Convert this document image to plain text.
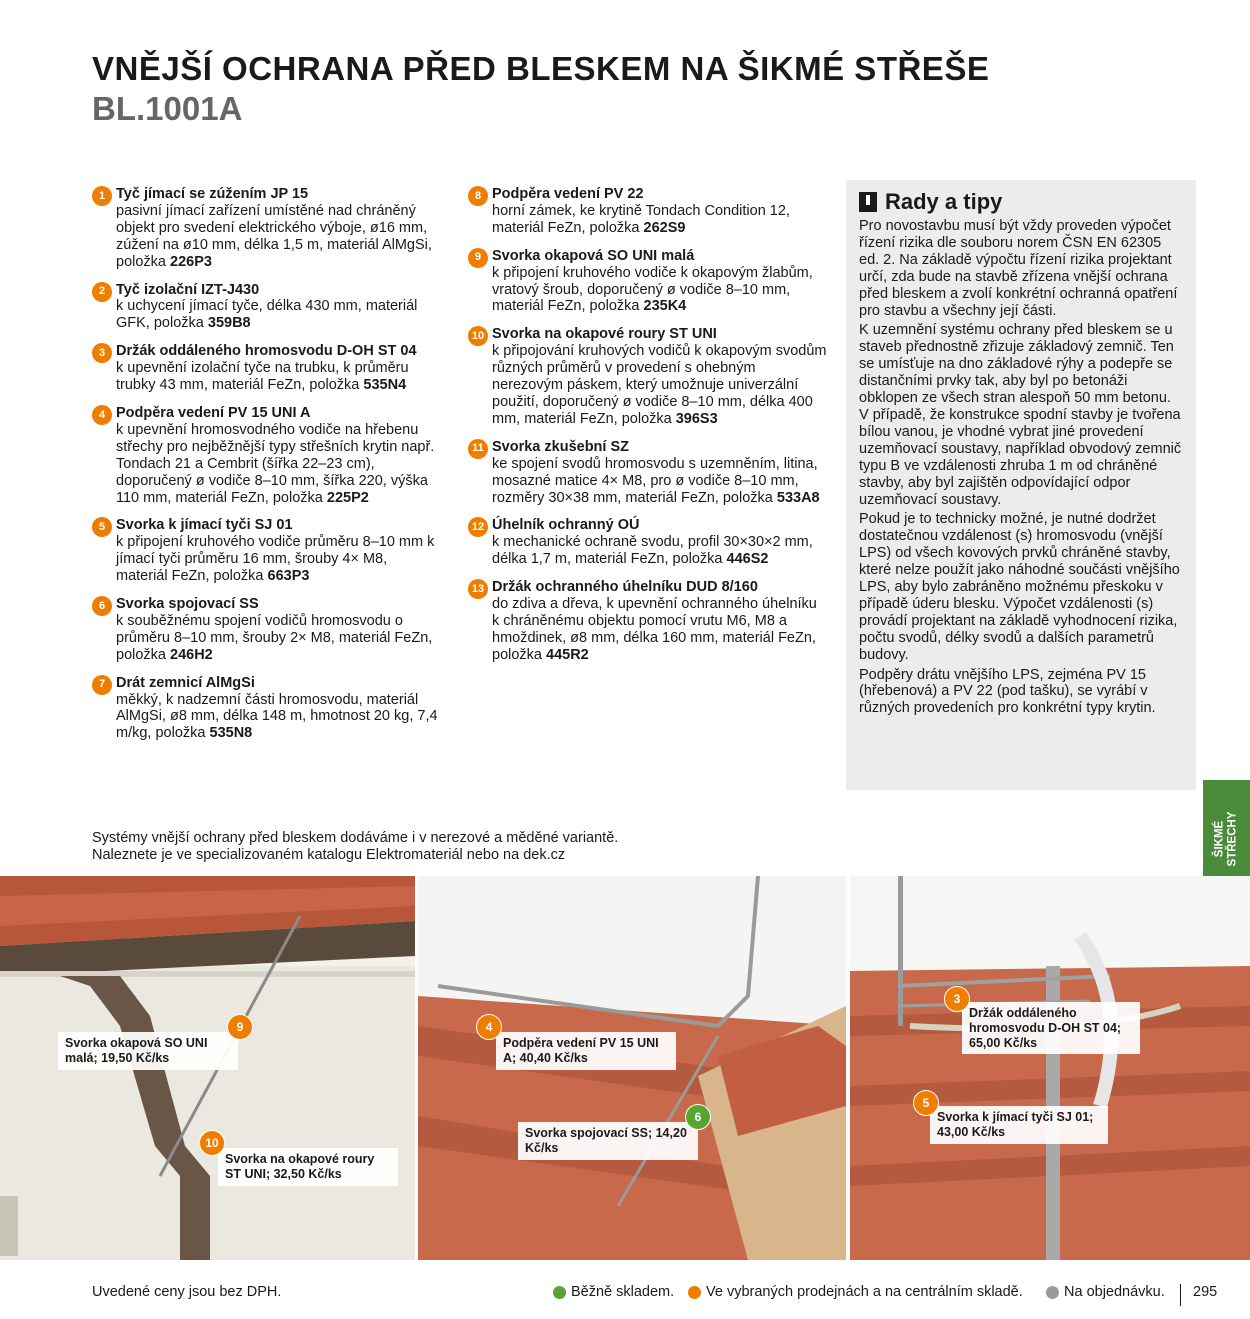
VNĚJŠÍ OCHRANA PŘED BLESKEM NA ŠIKMÉ STŘEŠE
BL.1001A
1 Tyč jímací se zúžením JP 15
pasivní jímací zařízení umístěné nad chráněný objekt pro svedení elektrického výboje, ø16 mm, zúžení na ø10 mm, délka 1,5 m, materiál AlMgSi, položka 226P3
2 Tyč izolační IZT-J430
k uchycení jímací tyče, délka 430 mm, materiál GFK, položka 359B8
3 Držák oddáleného hromosvodu D-OH ST 04
k upevnění izolační tyče na trubku, k průměru trubky 43 mm, materiál FeZn, položka 535N4
4 Podpěra vedení PV 15 UNI A
k upevnění hromosvodného vodiče na hřebenu střechy pro nejběžnější typy střešních krytin např. Tondach 21 a Cembrit (šířka 22–23 cm), doporučený ø vodiče 8–10 mm, šířka 220, výška 110 mm, materiál FeZn, položka 225P2
5 Svorka k jímací tyči SJ 01
k připojení kruhového vodiče průměru 8–10 mm k jímací tyči průměru 16 mm, šrouby 4× M8, materiál FeZn, položka 663P3
6 Svorka spojovací SS
k souběžnému spojení vodičů hromosvodu o průměru 8–10 mm, šrouby 2× M8, materiál FeZn, položka 246H2
7 Drát zemnicí AlMgSi
měkký, k nadzemní části hromosvodu, materiál AlMgSi, ø8 mm, délka 148 m, hmotnost 20 kg, 7,4 m/kg, položka 535N8
8 Podpěra vedení PV 22
horní zámek, ke krytině Tondach Condition 12, materiál FeZn, položka 262S9
9 Svorka okapová SO UNI malá
k připojení kruhového vodiče k okapovým žlabům, vratový šroub, doporučený ø vodiče 8–10 mm, materiál FeZn, položka 235K4
10 Svorka na okapové roury ST UNI
k připojování kruhových vodičů k okapovým svodům různých průměrů v provedení s ohebným nerezovým páskem, který umožnuje univerzální použití, doporučený ø vodiče 8–10 mm, délka 400 mm, materiál FeZn, položka 396S3
11 Svorka zkušební SZ
ke spojení svodů hromosvodu s uzemněním, litina, mosazné matice 4× M8, pro ø vodiče 8–10 mm, rozměry 30×38 mm, materiál FeZn, položka 533A8
12 Úhelník ochranný OÚ
k mechanické ochraně svodu, profil 30×30×2 mm, délka 1,7 m, materiál FeZn, položka 446S2
13 Držák ochranného úhelníku DUD 8/160
do zdiva a dřeva, k upevnění ochranného úhelníku k chráněnému objektu pomocí vrutu M6, M8 a hmoždinek, ø8 mm, délka 160 mm, materiál FeZn, položka 445R2
Rady a tipy

Pro novostavbu musí být vždy proveden výpočet řízení rizika dle souboru norem ČSN EN 62305 ed. 2. Na základě výpočtu řízení rizika projektant určí, zda bude na stavbě zřízena vnější ochrana před bleskem a zvolí konkrétní ochranná opatření pro stavbu a všechny její části.

K uzemnění systému ochrany před bleskem se u staveb přednostně zřizuje základový zemnič. Ten se umísťuje na dno základové rýhy a podepře se distančními prvky tak, aby byl po betonáži obklopen ze všech stran alespoň 50 mm betonu. V případě, že konstrukce spodní stavby je tvořena bílou vanou, je vhodné vybrat jiné provedení uzemňovací soustavy, například obvodový zemnič typu B ve vzdálenosti zhruba 1 m od chráněné stavby, aby byl zajištěn odpovídající odpor uzemňovací soustavy.

Pokud je to technicky možné, je nutné dodržet dostatečnou vzdálenost (s) hromosvodu (vnější LPS) od všech kovových prvků chráněné stavby, které nelze použít jako náhodné součásti vnějšího LPS, aby bylo zabráněno možnému přeskoku v případě úderu blesku. Výpočet vzdálenosti (s) provádí projektant na základě vyhodnocení rizika, počtu svodů, délky svodů a dalších parametrů budovy.

Podpěry drátu vnějšího LPS, zejména PV 15 (hřebenová) a PV 22 (pod tašku), se vyrábí v různých provedeních pro konkrétní typy krytin.

ŠIKMÉ
STŘECHY
Systémy vnější ochrany před bleskem dodáváme i v nerezové a měděné variantě.
Naleznete je ve specializovaném katalogu Elektromateriál nebo na dek.cz
Svorka okapová SO UNI malá; 19,50 Kč/ks
9
Svorka na okapové roury ST UNI; 32,50 Kč/ks
10
Podpěra vedení PV 15 UNI A; 40,40 Kč/ks
4
Svorka spojovací SS; 14,20 Kč/ks
6
Držák oddáleného hromosvodu D-OH ST 04; 65,00 Kč/ks
3
Svorka k jímací tyči SJ 01; 43,00 Kč/ks
5
Uvedené ceny jsou bez DPH.	Běžně skladem. Ve vybraných prodejnách a na centrálním skladě.	Na objednávku. 295
